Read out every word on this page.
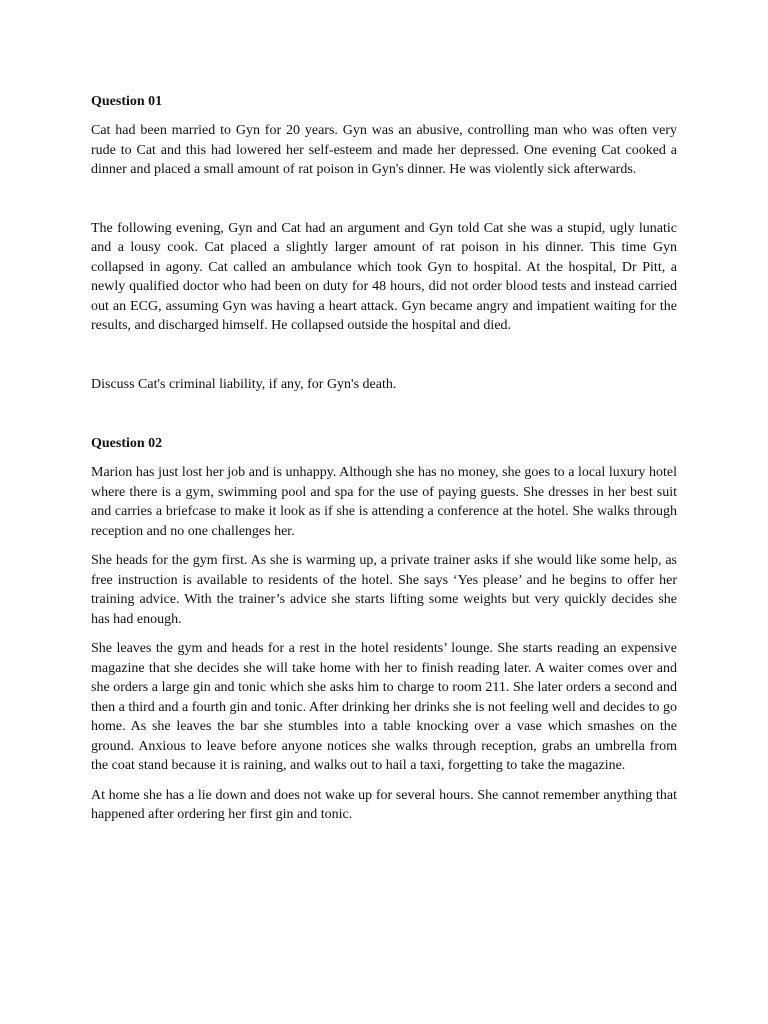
Question 01

Cat had been married to Gyn for 20 years. Gyn was an abusive, controlling man who was often very rude to Cat and this had lowered her self-esteem and made her depressed. One evening Cat cooked a dinner and placed a small amount of rat poison in Gyn's dinner. He was violently sick afterwards.

The following evening, Gyn and Cat had an argument and Gyn told Cat she was a stupid, ugly lunatic and a lousy cook. Cat placed a slightly larger amount of rat poison in his dinner. This time Gyn collapsed in agony. Cat called an ambulance which took Gyn to hospital. At the hospital, Dr Pitt, a newly qualified doctor who had been on duty for 48 hours, did not order blood tests and instead carried out an ECG, assuming Gyn was having a heart attack. Gyn became angry and impatient waiting for the results, and discharged himself. He collapsed outside the hospital and died.

Discuss Cat's criminal liability, if any, for Gyn's death.

Question 02

Marion has just lost her job and is unhappy. Although she has no money, she goes to a local luxury hotel where there is a gym, swimming pool and spa for the use of paying guests. She dresses in her best suit and carries a briefcase to make it look as if she is attending a conference at the hotel. She walks through reception and no one challenges her.

She heads for the gym first. As she is warming up, a private trainer asks if she would like some help, as free instruction is available to residents of the hotel. She says ‘Yes please’ and he begins to offer her training advice. With the trainer’s advice she starts lifting some weights but very quickly decides she has had enough.

She leaves the gym and heads for a rest in the hotel residents’ lounge. She starts reading an expensive magazine that she decides she will take home with her to finish reading later. A waiter comes over and she orders a large gin and tonic which she asks him to charge to room 211. She later orders a second and then a third and a fourth gin and tonic. After drinking her drinks she is not feeling well and decides to go home. As she leaves the bar she stumbles into a table knocking over a vase which smashes on the ground. Anxious to leave before anyone notices she walks through reception, grabs an umbrella from the coat stand because it is raining, and walks out to hail a taxi, forgetting to take the magazine.

At home she has a lie down and does not wake up for several hours. She cannot remember anything that happened after ordering her first gin and tonic.
